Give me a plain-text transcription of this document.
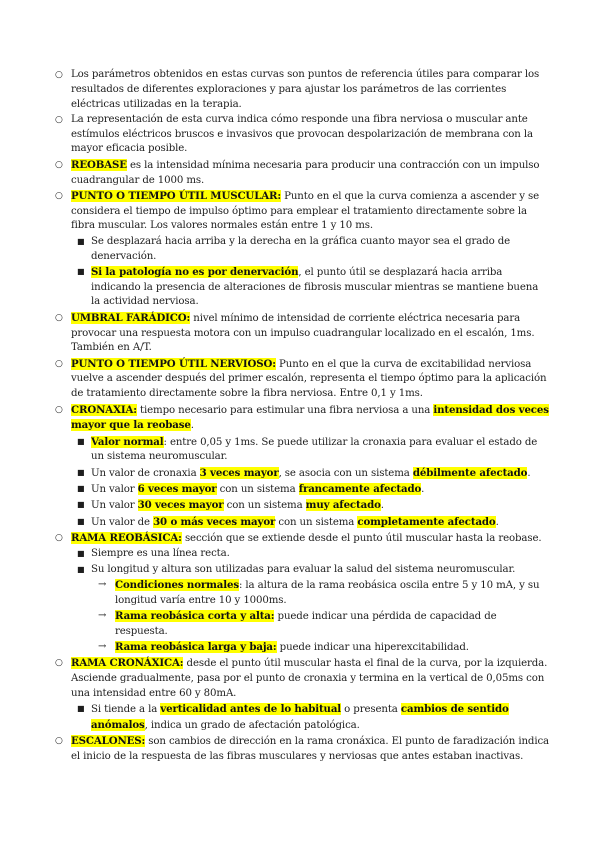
○ Los parámetros obtenidos en estas curvas son puntos de referencia útiles para comparar los resultados de diferentes exploraciones y para ajustar los parámetros de las corrientes eléctricas utilizadas en la terapia.
○ La representación de esta curva indica cómo responde una fibra nerviosa o muscular ante estímulos eléctricos bruscos e invasivos que provocan despolarización de membrana con la mayor eficacia posible.
○ REOBASE es la intensidad mínima necesaria para producir una contracción con un impulso cuadrangular de 1000 ms.
○ PUNTO O TIEMPO ÚTIL MUSCULAR: Punto en el que la curva comienza a ascender y se considera el tiempo de impulso óptimo para emplear el tratamiento directamente sobre la fibra muscular. Los valores normales están entre 1 y 10 ms.
■ Se desplazará hacia arriba y la derecha en la gráfica cuanto mayor sea el grado de denervación.
■ Si la patología no es por denervación, el punto útil se desplazará hacia arriba indicando la presencia de alteraciones de fibrosis muscular mientras se mantiene buena la actividad nerviosa.
○ UMBRAL FARÁDICO: nivel mínimo de intensidad de corriente eléctrica necesaria para provocar una respuesta motora con un impulso cuadrangular localizado en el escalón, 1ms. También en A/T.
○ PUNTO O TIEMPO ÚTIL NERVIOSO: Punto en el que la curva de excitabilidad nerviosa vuelve a ascender después del primer escalón, representa el tiempo óptimo para la aplicación de tratamiento directamente sobre la fibra nerviosa. Entre 0,1 y 1ms.
○ CRONAXIA: tiempo necesario para estimular una fibra nerviosa a una intensidad dos veces mayor que la reobase.
■ Valor normal: entre 0,05 y 1ms. Se puede utilizar la cronaxia para evaluar el estado de un sistema neuromuscular.
■ Un valor de cronaxia 3 veces mayor, se asocia con un sistema débilmente afectado.
■ Un valor 6 veces mayor con un sistema francamente afectado.
■ Un valor 30 veces mayor con un sistema muy afectado.
■ Un valor de 30 o más veces mayor con un sistema completamente afectado.
○ RAMA REOBÁSICA: sección que se extiende desde el punto útil muscular hasta la reobase.
■ Siempre es una línea recta.
■ Su longitud y altura son utilizadas para evaluar la salud del sistema neuromuscular.
→ Condiciones normales: la altura de la rama reobásica oscila entre 5 y 10 mA, y su longitud varía entre 10 y 1000ms.
→ Rama reobásica corta y alta: puede indicar una pérdida de capacidad de respuesta.
→ Rama reobásica larga y baja: puede indicar una hiperexcitabilidad.
○ RAMA CRONÁXICA: desde el punto útil muscular hasta el final de la curva, por la izquierda. Asciende gradualmente, pasa por el punto de cronaxia y termina en la vertical de 0,05ms con una intensidad entre 60 y 80mA.
■ Si tiende a la verticalidad antes de lo habitual o presenta cambios de sentido anómalos, indica un grado de afectación patológica.
○ ESCALONES: son cambios de dirección en la rama cronáxica. El punto de faradización indica el inicio de la respuesta de las fibras musculares y nerviosas que antes estaban inactivas.
